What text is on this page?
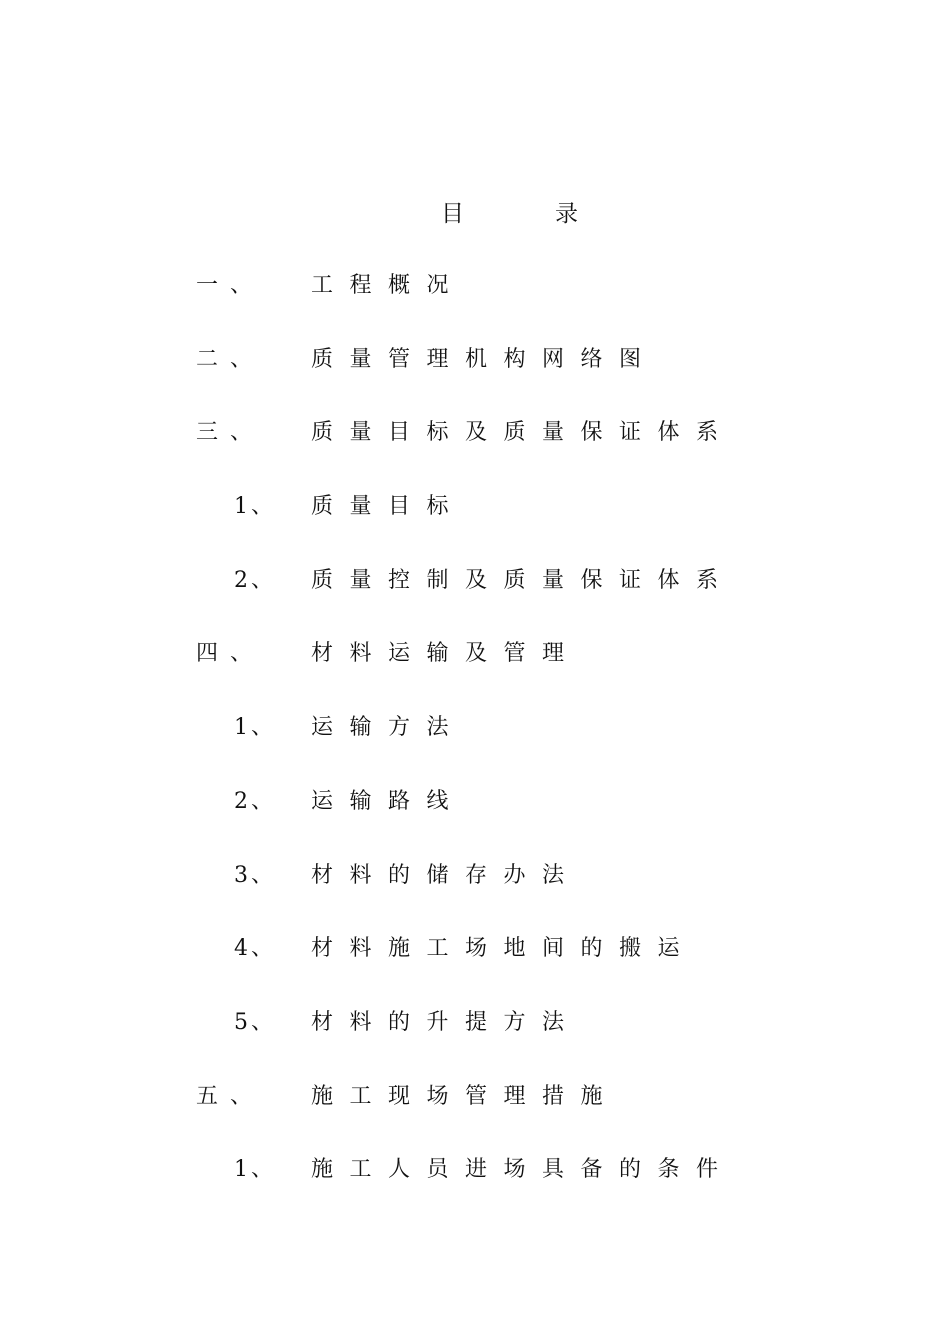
目	录
一、 工程概况
二、 质量管理机构网络图
三、 质量目标及质量保证体系
1、 质量目标
2、 质量控制及质量保证体系
四、 材料运输及管理
1、 运输方法
2、 运输路线
3、 材料的储存办法
4、 材料施工场地间的搬运
5、 材料的升提方法
五、 施工现场管理措施
1、 施工人员进场具备的条件
